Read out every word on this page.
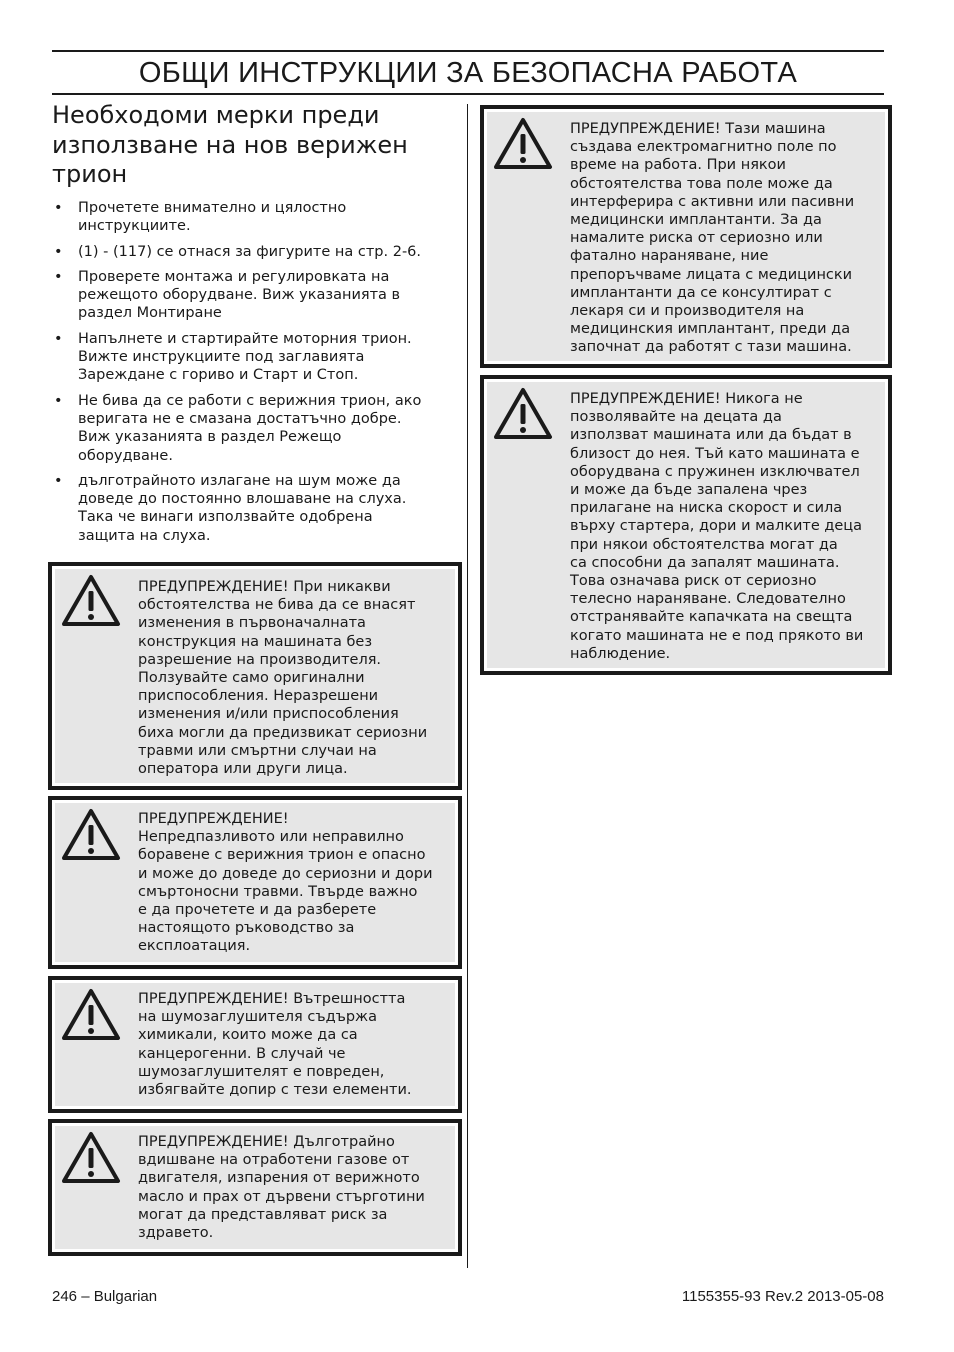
ОБЩИ ИНСТРУКЦИИ ЗА БЕЗОПАСНА РАБОТА
Необходоми мерки преди
използване на нов верижен
трион
• Прочетете внимателно и цялостно
инструкциите.
• (1) - (117) се отнася за фигурите на стр. 2-6.
• Проверете монтажа и регулировката на
режещото оборудване. Виж указанията в
раздел Монтиране
• Напълнете и стартирайте моторния трион.
Вижте инструкциите под заглавията
Зареждане с гориво и Старт и Стоп.
• Не бива да се работи с верижния трион, ако
веригата не е смазана достатъчно добре.
Виж указанията в раздел Режещо
оборудване.
• дълготрайното излагане на шум може да
доведе до постоянно влошаване на слуха.
Така че винаги използвайте одобрена
защита на слуха.
ПРЕДУПРЕЖДЕНИЕ! При никакви
обстоятелства не бива да се внасят
изменения в първоначалната
конструкция на машината без
разрешение на производителя.
Ползувайте само оригинални
приспособления. Неразрешени
изменения и/или приспособления
биха могли да предизвикат сериозни
травми или смъртни случаи на
оператора или други лица.
ПРЕДУПРЕЖДЕНИЕ!
Непредпазливото или неправилно
боравене с верижния трион е опасно
и може до доведе до сериозни и дори
смъртоносни травми. Твърде важно
е да прочетете и да разберете
настоящото ръководство за
експлоатация.
ПРЕДУПРЕЖДЕНИЕ! Вътрешността
на шумозаглушителя съдържа
химикали, които може да са
канцерогенни. В случай че
шумозаглушителят е повреден,
избягвайте допир с тези елементи.
ПРЕДУПРЕЖДЕНИЕ! Дълготрайно
вдишване на отработени газове от
двигателя, изпарения от верижното
масло и прах от дървени стърготини
могат да представляват риск за
здравето.
ПРЕДУПРЕЖДЕНИЕ! Тази машина
създава електромагнитно поле по
време на работа. При някои
обстоятелства това поле може да
интерферира с активни или пасивни
медицински имплантанти. За да
намалите риска от сериозно или
фатално нараняване, ние
препоръчваме лицата с медицински
имплантанти да се консултират с
лекаря си и производителя на
медицинския имплантант, преди да
започнат да работят с тази машина.
ПРЕДУПРЕЖДЕНИЕ! Никога не
позволявайте на децата да
използват машината или да бъдат в
близост до нея. Тъй като машината е
оборудвана с пружинен изключвател
и може да бъде запалена чрез
прилагане на ниска скорост и сила
върху стартера, дори и малките деца
при някои обстоятелства могат да
са способни да запалят машината.
Това означава риск от сериозно
телесно нараняване. Следователно
отстранявайте капачката на свещта
когато машината не е под прякото ви
наблюдение.
246 – Bulgarian	1155355-93 Rev.2 2013-05-08
